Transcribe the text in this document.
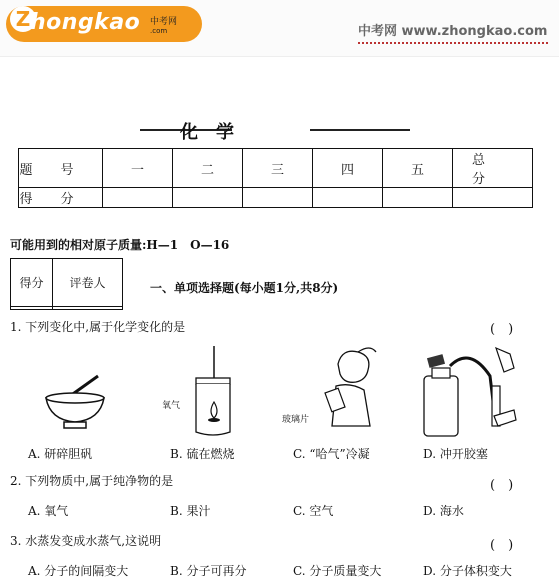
Z hongkao 中考网
.com	中考网 www.zhongkao.com
化学
题号	一	二	三	四	五	总分
得分						
可能用到的相对原子质量:H—1　O—16
得分	评卷人
		一、单项选择题(每小题1分,共8分)
1. 下列变化中,属于化学变化的是	(　)
氧气
玻璃片
A. 研碎胆矾	B. 硫在燃烧	C. “哈气”冷凝	D. 冲开胶塞
2. 下列物质中,属于纯净物的是	(　)
A. 氧气	B. 果汁	C. 空气	D. 海水
3. 水蒸发变成水蒸气,这说明	(　)
A. 分子的间隔变大	B. 分子可再分	C. 分子质量变大	D. 分子体积变大
